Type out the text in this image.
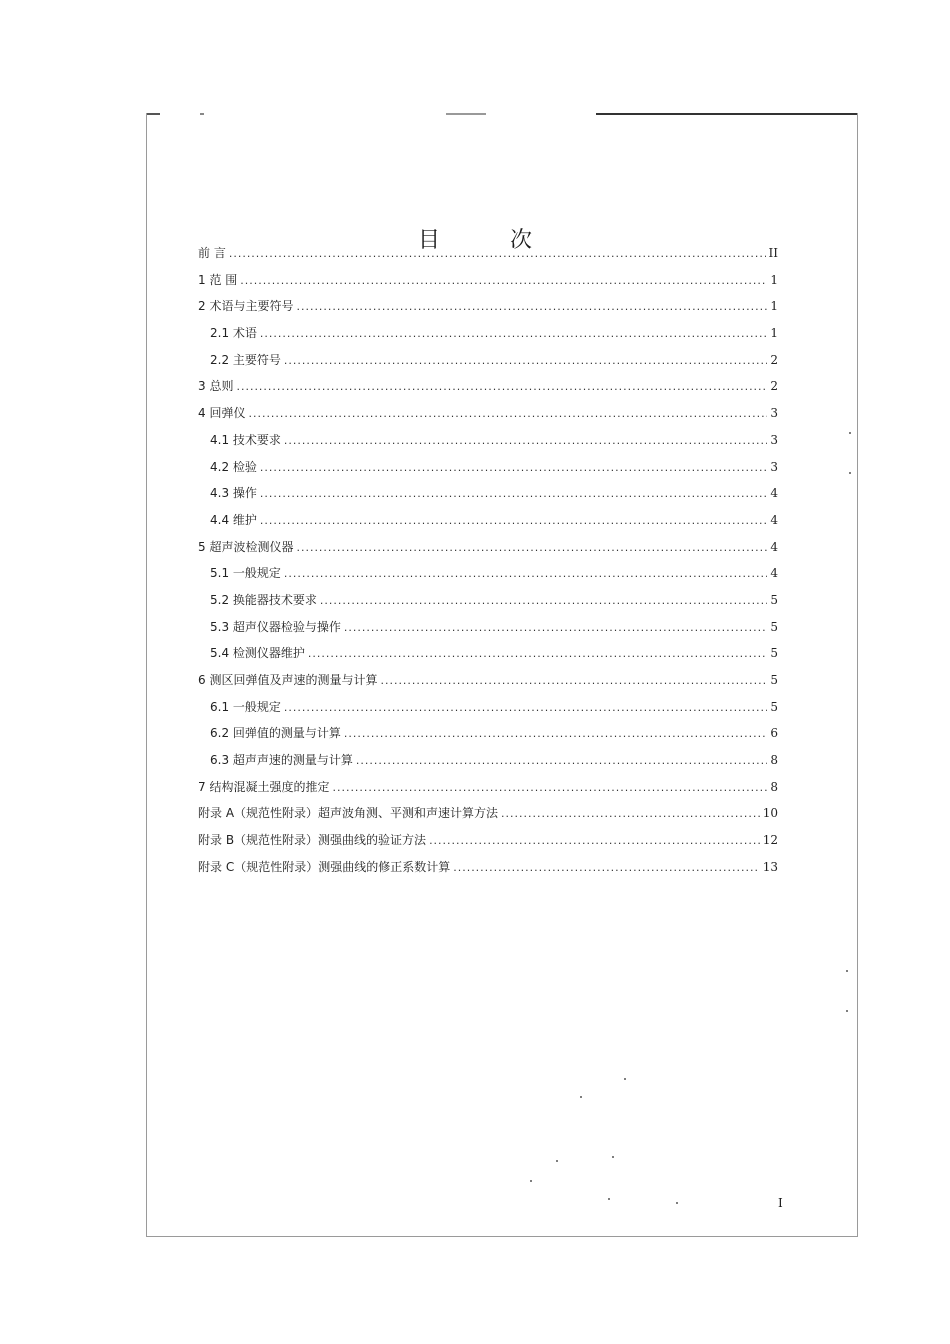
目　次
前 言 .....	II
1 范 围 .....	1
2 术语与主要符号 .....	1
2.1 术语 .....	1
2.2 主要符号 .....	2
3 总则 .....	2
4 回弹仪 .....	3
4.1 技术要求 .....	3
4.2 检验 .....	3
4.3 操作 .....	4
4.4 维护 .....	4
5 超声波检测仪器 .....	4
5.1 一般规定 .....	4
5.2 换能器技术要求 .....	5
5.3 超声仪器检验与操作 .....	5
5.4 检测仪器维护 .....	5
6 测区回弹值及声速的测量与计算 .....	5
6.1 一般规定 .....	5
6.2 回弹值的测量与计算 .....	6
6.3 超声声速的测量与计算 .....	8
7 结构混凝土强度的推定 .....	8
附录 A（规范性附录）超声波角测、平测和声速计算方法 .....	10
附录 B（规范性附录）测强曲线的验证方法 .....	12
附录 C（规范性附录）测强曲线的修正系数计算 .....	13
I
